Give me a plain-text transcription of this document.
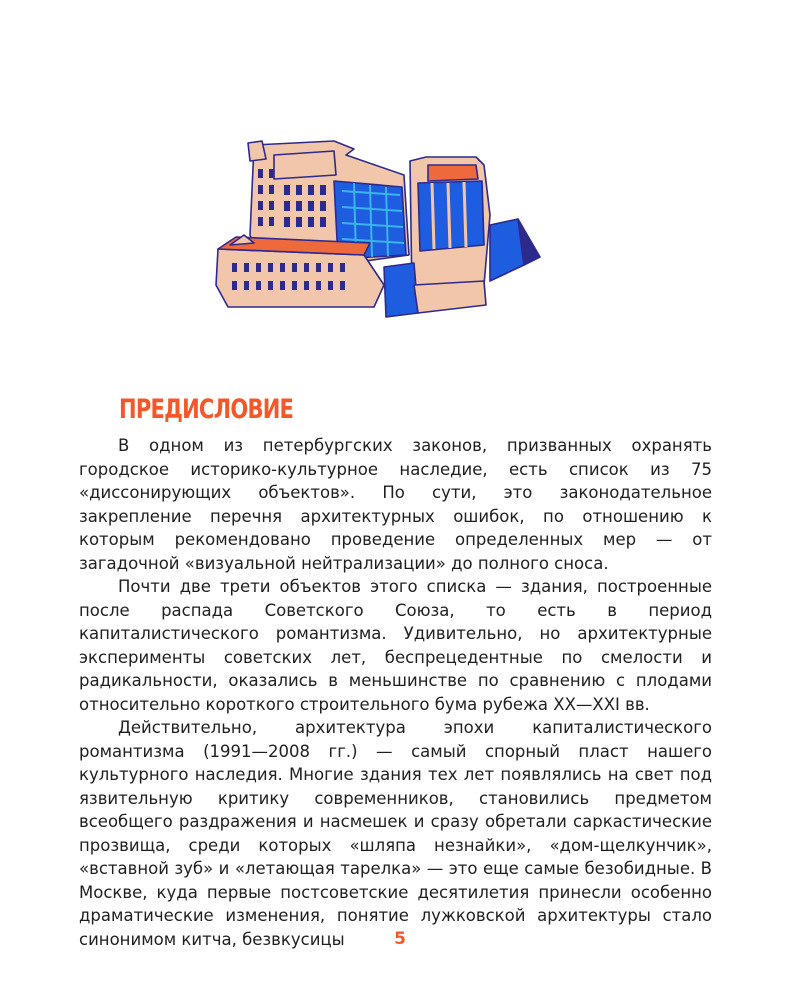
ПРЕДИСЛОВИЕ

В одном из петербургских законов, призванных охранять городское историко-культурное наследие, есть список из 75 «диссонирующих объектов». По сути, это законодательное закрепление перечня архитектурных ошибок, по отношению к которым рекомендовано проведение определенных мер — от загадочной «визуальной нейтрализации» до полного сноса.

Почти две трети объектов этого списка — здания, построенные после распада Советского Союза, то есть в период капиталистического романтизма. Удивительно, но архитектурные эксперименты советских лет, беспрецедентные по смелости и радикальности, оказались в меньшинстве по сравнению с плодами относительно короткого строительного бума рубежа XX—XXI вв.

Действительно, архитектура эпохи капиталистического романтизма (1991—2008 гг.) — самый спорный пласт нашего культурного наследия. Многие здания тех лет появлялись на свет под язвительную критику современников, становились предметом всеобщего раздражения и насмешек и сразу обретали саркастические прозвища, среди которых «шляпа незнайки», «дом-щелкунчик», «вставной зуб» и «летающая тарелка» — это еще самые безобидные. В Москве, куда первые постсоветские десятилетия принесли особенно драматические изменения, понятие лужковской архитектуры стало синонимом китча, безвкусицы	5
